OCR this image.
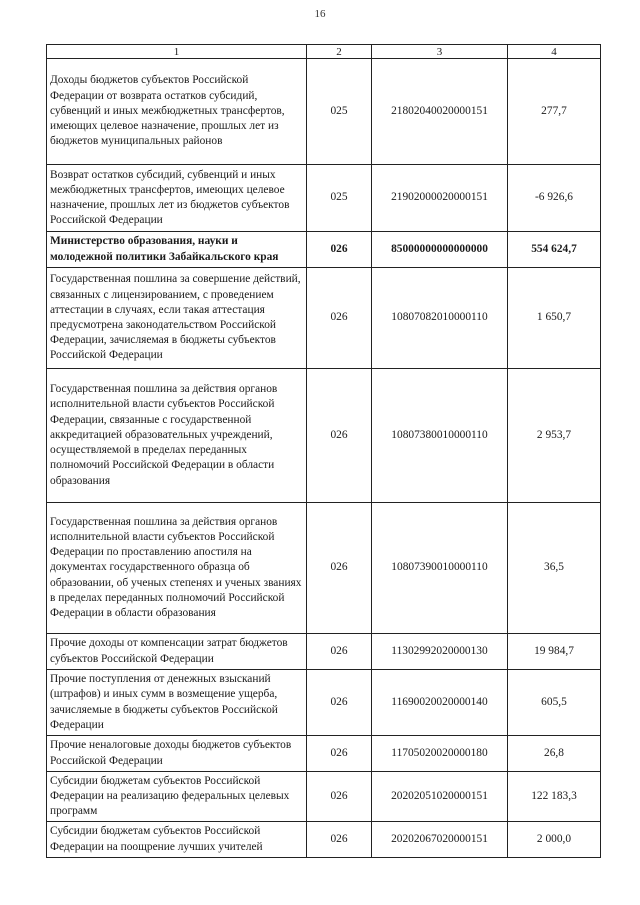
16
1	2	3	4
Доходы бюджетов субъектов Российской Федерации от возврата остатков субсидий, субвенций и иных межбюджетных трансфертов, имеющих целевое назначение, прошлых лет из бюджетов муниципальных районов	025	21802040020000151	277,7
Возврат остатков субсидий, субвенций и иных межбюджетных трансфертов, имеющих целевое назначение, прошлых лет из бюджетов субъектов Российской Федерации	025	21902000020000151	-6 926,6
Министерство образования, науки и молодежной политики Забайкальского края	026	85000000000000000	554 624,7
Государственная пошлина за совершение действий, связанных с лицензированием, с проведением аттестации в случаях, если такая аттестация предусмотрена законодательством Российской Федерации, зачисляемая в бюджеты субъектов Российской Федерации	026	10807082010000110	1 650,7
Государственная пошлина за действия органов исполнительной власти субъектов Российской Федерации, связанные с государственной аккредитацией образовательных учреждений, осуществляемой в пределах переданных полномочий Российской Федерации в области образования	026	10807380010000110	2 953,7
Государственная пошлина за действия органов исполнительной власти субъектов Российской Федерации по проставлению апостиля на документах государственного образца об образовании, об ученых степенях и ученых званиях в пределах переданных полномочий Российской Федерации в области образования	026	10807390010000110	36,5
Прочие доходы от компенсации затрат бюджетов субъектов Российской Федерации	026	11302992020000130	19 984,7
Прочие поступления от денежных взысканий (штрафов) и иных сумм в возмещение ущерба, зачисляемые в бюджеты субъектов Российской Федерации	026	11690020020000140	605,5
Прочие неналоговые доходы бюджетов субъектов Российской Федерации	026	11705020020000180	26,8
Субсидии бюджетам субъектов Российской Федерации на реализацию федеральных целевых программ	026	20202051020000151	122 183,3
Субсидии бюджетам субъектов Российской Федерации на поощрение лучших учителей	026	20202067020000151	2 000,0
